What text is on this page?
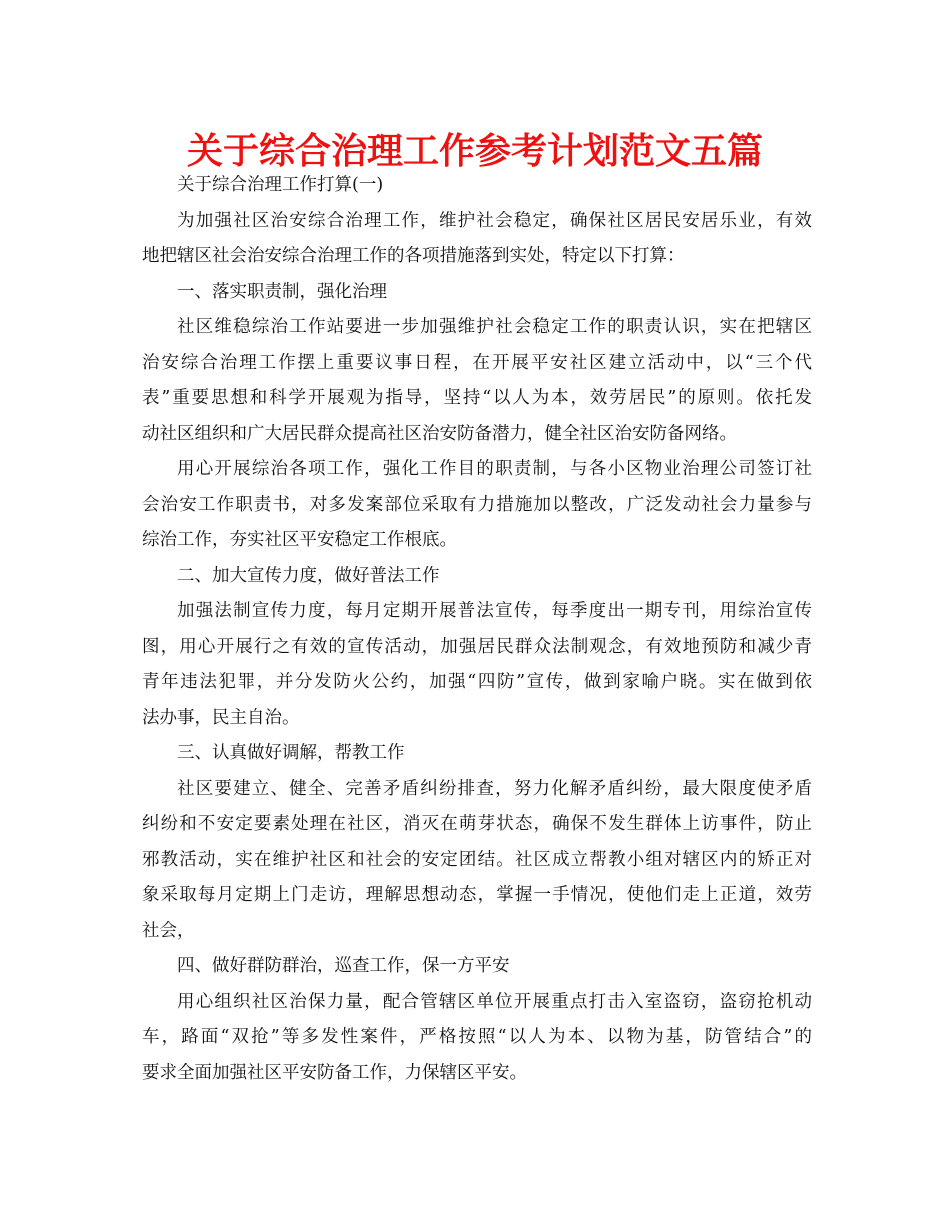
关于综合治理工作参考计划范文五篇
关于综合治理工作打算(一)
为加强社区治安综合治理工作，维护社会稳定，确保社区居民安居乐业，有效
地把辖区社会治安综合治理工作的各项措施落到实处，特定以下打算：
一、落实职责制，强化治理
社区维稳综治工作站要进一步加强维护社会稳定工作的职责认识，实在把辖区
治安综合治理工作摆上重要议事日程，在开展平安社区建立活动中，以“三个代
表”重要思想和科学开展观为指导，坚持“以人为本，效劳居民”的原则。依托发
动社区组织和广大居民群众提高社区治安防备潜力，健全社区治安防备网络。
用心开展综治各项工作，强化工作目的职责制，与各小区物业治理公司签订社
会治安工作职责书，对多发案部位采取有力措施加以整改，广泛发动社会力量参与
综治工作，夯实社区平安稳定工作根底。
二、加大宣传力度，做好普法工作
加强法制宣传力度，每月定期开展普法宣传，每季度出一期专刊，用综治宣传
图，用心开展行之有效的宣传活动，加强居民群众法制观念，有效地预防和减少青
青年违法犯罪，并分发防火公约，加强“四防”宣传，做到家喻户晓。实在做到依
法办事，民主自治。
三、认真做好调解，帮教工作
社区要建立、健全、完善矛盾纠纷排查，努力化解矛盾纠纷，最大限度使矛盾
纠纷和不安定要素处理在社区，消灭在萌芽状态，确保不发生群体上访事件，防止
邪教活动，实在维护社区和社会的安定团结。社区成立帮教小组对辖区内的矫正对
象采取每月定期上门走访，理解思想动态，掌握一手情况，使他们走上正道，效劳
社会，
四、做好群防群治，巡查工作，保一方平安
用心组织社区治保力量，配合管辖区单位开展重点打击入室盗窃，盗窃抢机动
车，路面“双抢”等多发性案件，严格按照“以人为本、以物为基，防管结合”的
要求全面加强社区平安防备工作，力保辖区平安。
